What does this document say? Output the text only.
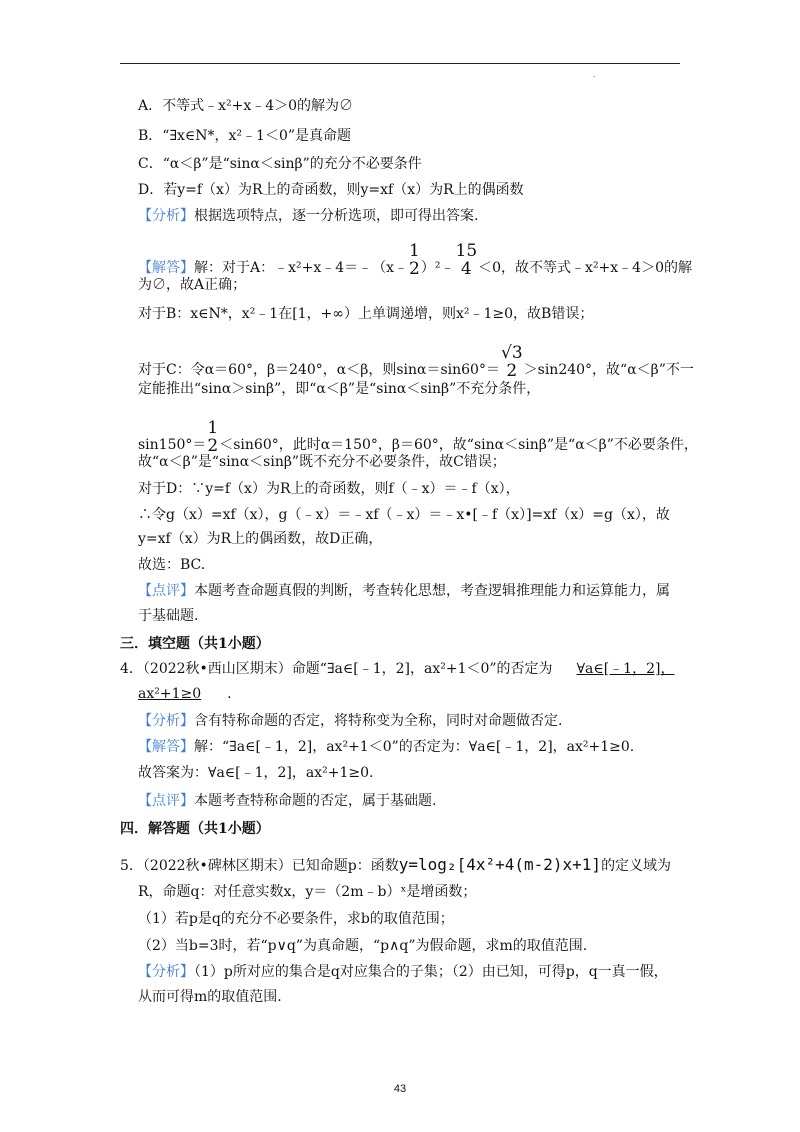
.
A．不等式﹣x²+x﹣4＞0的解为∅
B．“∃x∈N*，x²﹣1＜0”是真命题
C．“α＜β”是“sinα＜sinβ”的充分不必要条件
D．若y=f（x）为R上的奇函数，则y=xf（x）为R上的偶函数
【分析】根据选项特点，逐一分析选项，即可得出答案.
【解答】解：对于A：﹣x²+x﹣4＝﹣（x﹣
1
2 ）²﹣
15
4 ＜0，故不等式﹣x²+x﹣4＞0的解
为∅，故A正确；
对于B：x∈N*，x²﹣1在[1，+∞）上单调递增，则x²﹣1≥0，故B错误；
对于C：令α＝60°，β＝240°，α＜β，则sinα＝sin60°＝
√3
2 ＞sin240°，故“α＜β”不一
定能推出“sinα＞sinβ”，即“α＜β”是“sinα＜sinβ”不充分条件，
sin150°＝
1
2 ＜sin60°，此时α＝150°，β＝60°，故“sinα＜sinβ”是“α＜β”不必要条件，
故“α＜β”是“sinα＜sinβ”既不充分不必要条件，故C错误；
对于D：∵y=f（x）为R上的奇函数，则f（﹣x）＝﹣f（x），
∴令g（x）=xf（x），g（﹣x）＝﹣xf（﹣x）＝﹣x•[﹣f（x）]=xf（x）=g（x），故
y=xf（x）为R上的偶函数，故D正确，
故选：BC.
【点评】本题考查命题真假的判断，考查转化思想，考查逻辑推理能力和运算能力，属
于基础题.
三．填空题（共1小题）
4．（2022秋•西山区期末）命题“∃a∈[﹣1，2]，ax²+1＜0”的否定为 ∀a∈[﹣1，2]，
ax²+1≥0 .
【分析】含有特称命题的否定，将特称变为全称，同时对命题做否定.
【解答】解：“∃a∈[﹣1，2]，ax²+1＜0”的否定为：∀a∈[﹣1，2]，ax²+1≥0.
故答案为：∀a∈[﹣1，2]，ax²+1≥0.
【点评】本题考查特称命题的否定，属于基础题.
四．解答题（共1小题）
5．（2022秋•碑林区期末）已知命题p：函数y=log₂[4x²+4(m-2)x+1]的定义域为
R，命题q：对任意实数x，y＝（2m﹣b）ˣ是增函数；
（1）若p是q的充分不必要条件，求b的取值范围；
（2）当b=3时，若“p∨q”为真命题，“p∧q”为假命题，求m的取值范围.
【分析】（1）p所对应的集合是q对应集合的子集；（2）由已知，可得p，q一真一假，
从而可得m的取值范围.
43
